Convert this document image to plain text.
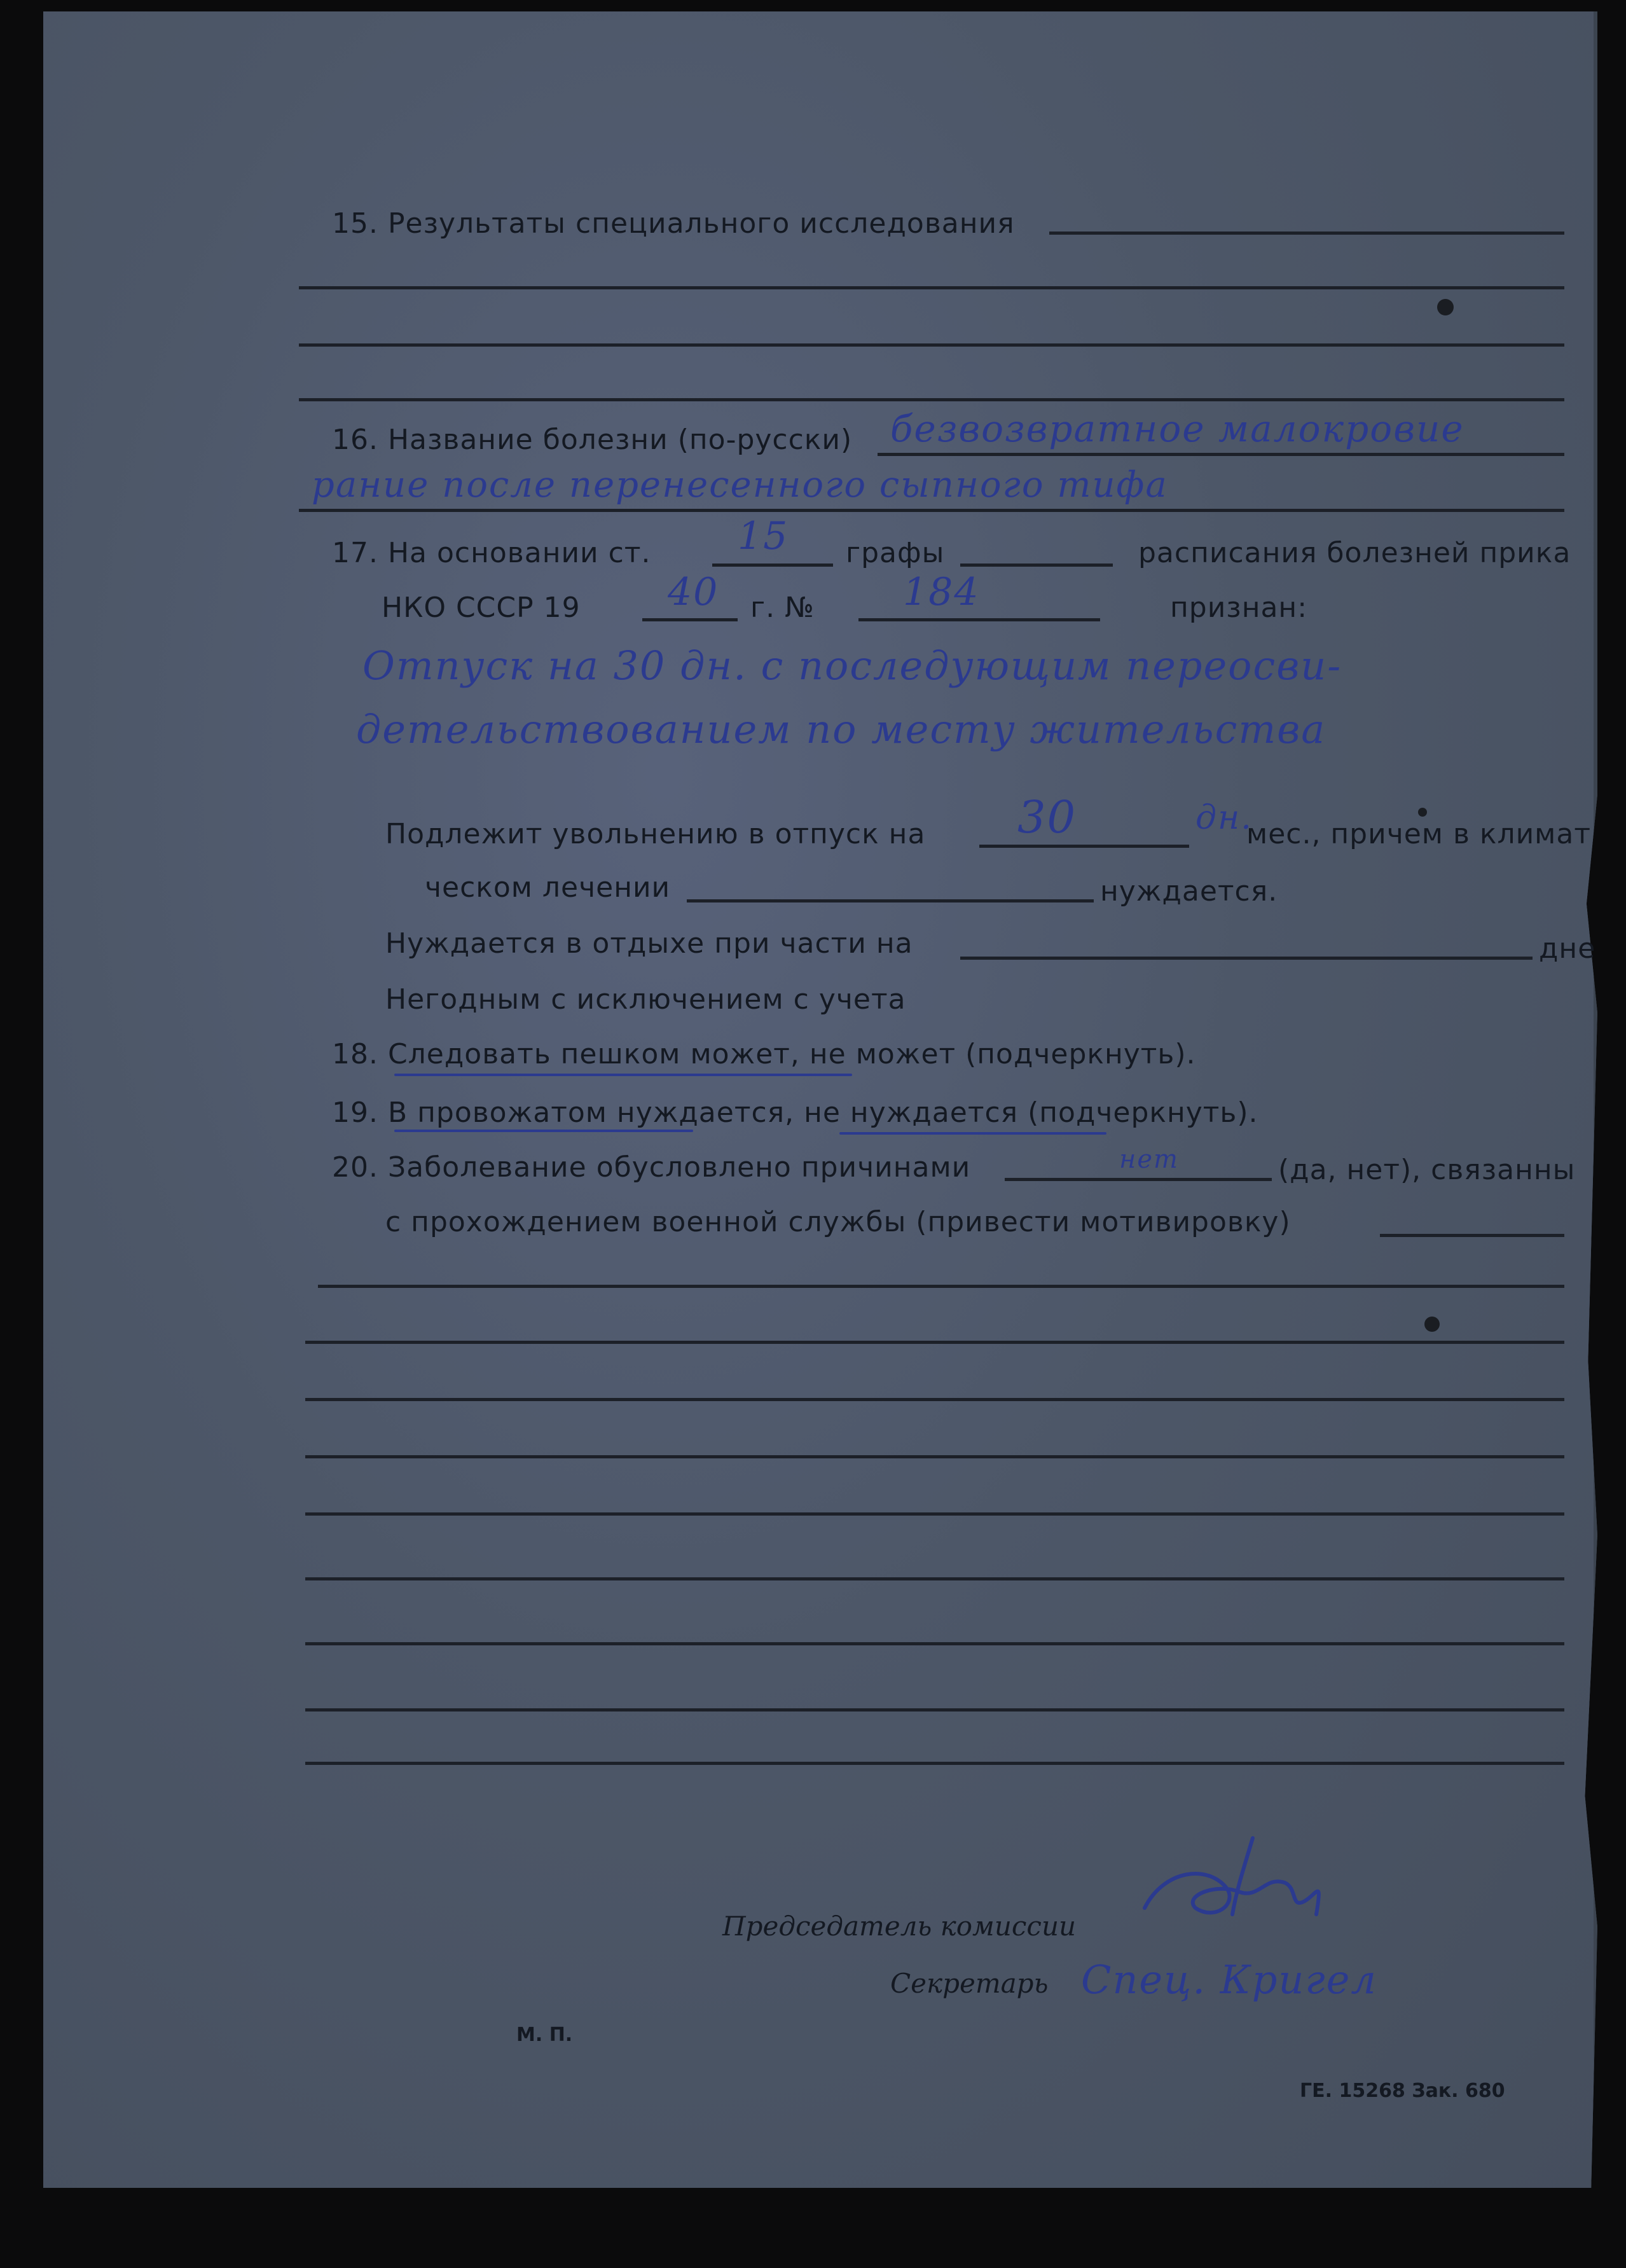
15. Результаты специального исследования
16. Название болезни (по-русски) безвозвратное малокровие
рание после перенесенного сыпного тифа
17. На основании ст. 15 графы	расписания болезней прика
НКО СССР 19 40 г. № 184	признан:
Отпуск на 30 дн. с последующим переосви-
детельствованием по месту жительства
Подлежит увольнению в отпуск на 30	дн.
мес., причем в климат
ческом лечении	нуждается.
Нуждается в отдыхе при части на	дне
Негодным с исключением с учета
18. Следовать пешком может, не может (подчеркнуть).
19. В провожатом нуждается, не нуждается (подчеркнуть).
20. Заболевание обусловлено причинами	нет	(да, нет), связанны
с прохождением военной службы (привести мотивировку)
Председатель комиссии
Секретарь Спец. Кригел
М. П.
ГЕ. 15268 Зак. 680
